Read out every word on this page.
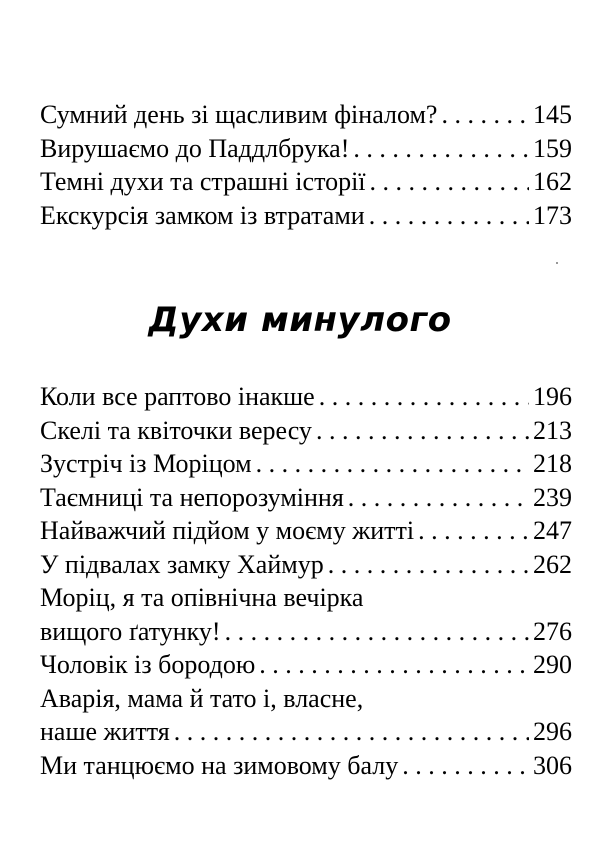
Сумний день зі щасливим фіналом? . . .	145
Вирушаємо до Паддлбрука! . . .	159
Темні духи та страшні історії . . .	162
Екскурсія замком із втратами . . .	173
Духи минулого
Коли все раптово інакше . . .	196
Скелі та квіточки вересу . . .	213
Зустріч із Моріцом . . .	218
Таємниці та непорозуміння . . .	239
Найважчий підйом у моєму житті . . .	247
У підвалах замку Хаймур . . .	262
Моріц, я та опівнічна вечірка
вищого ґатунку! . . .	276
Чоловік із бородою . . .	290
Аварія, мама й тато і, власне,
наше життя . . .	296
Ми танцюємо на зимовому балу . . .	306
